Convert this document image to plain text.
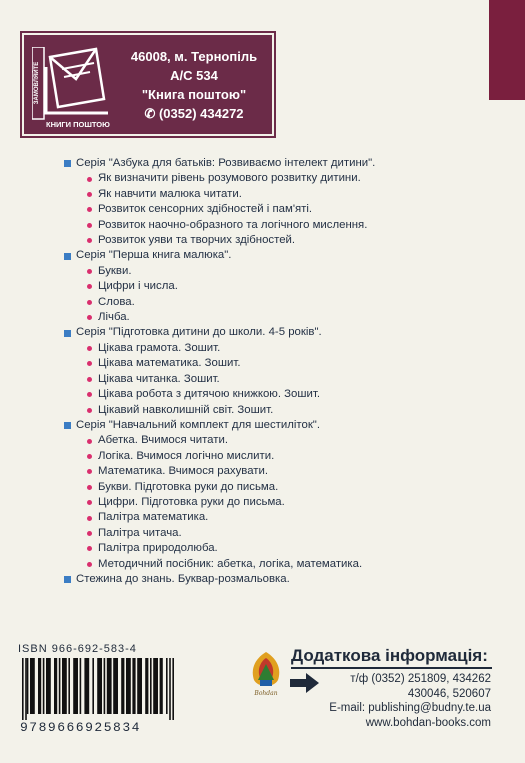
ЗАМОВЛЯЙТЕ
КНИГИ ПОШТОЮ
46008, м. Тернопіль
А/С 534
"Книга поштою"
✆ (0352) 434272
Серія "Азбука для батьків: Розвиваємо інтелект дитини".
Як визначити рівень розумового розвитку дитини.
Як навчити малюка читати.
Розвиток сенсорних здібностей і пам'яті.
Розвиток наочно-образного та логічного мислення.
Розвиток уяви та творчих здібностей.
Серія "Перша книга малюка".
Букви.
Цифри і числа.
Слова.
Лічба.
Серія "Підготовка дитини до школи. 4-5 років".
Цікава грамота. Зошит.
Цікава математика. Зошит.
Цікава читанка. Зошит.
Цікава робота з дитячою книжкою. Зошит.
Цікавий навколишній світ. Зошит.
Серія "Навчальний комплект для шестиліток".
Абетка. Вчимося читати.
Логіка. Вчимося логічно мислити.
Математика. Вчимося рахувати.
Букви. Підготовка руки до письма.
Цифри. Підготовка руки до письма.
Палітра математика.
Палітра читача.
Палітра природолюба.
Методичний посібник: абетка, логіка, математика.
Стежина до знань. Буквар-розмальовка.
ISBN 966-692-583-4
9789666925834
Bohdan
Додаткова інформація:
т/ф (0352) 251809, 434262
430046, 520607
E-mail: publishing@budny.te.ua
www.bohdan-books.com
